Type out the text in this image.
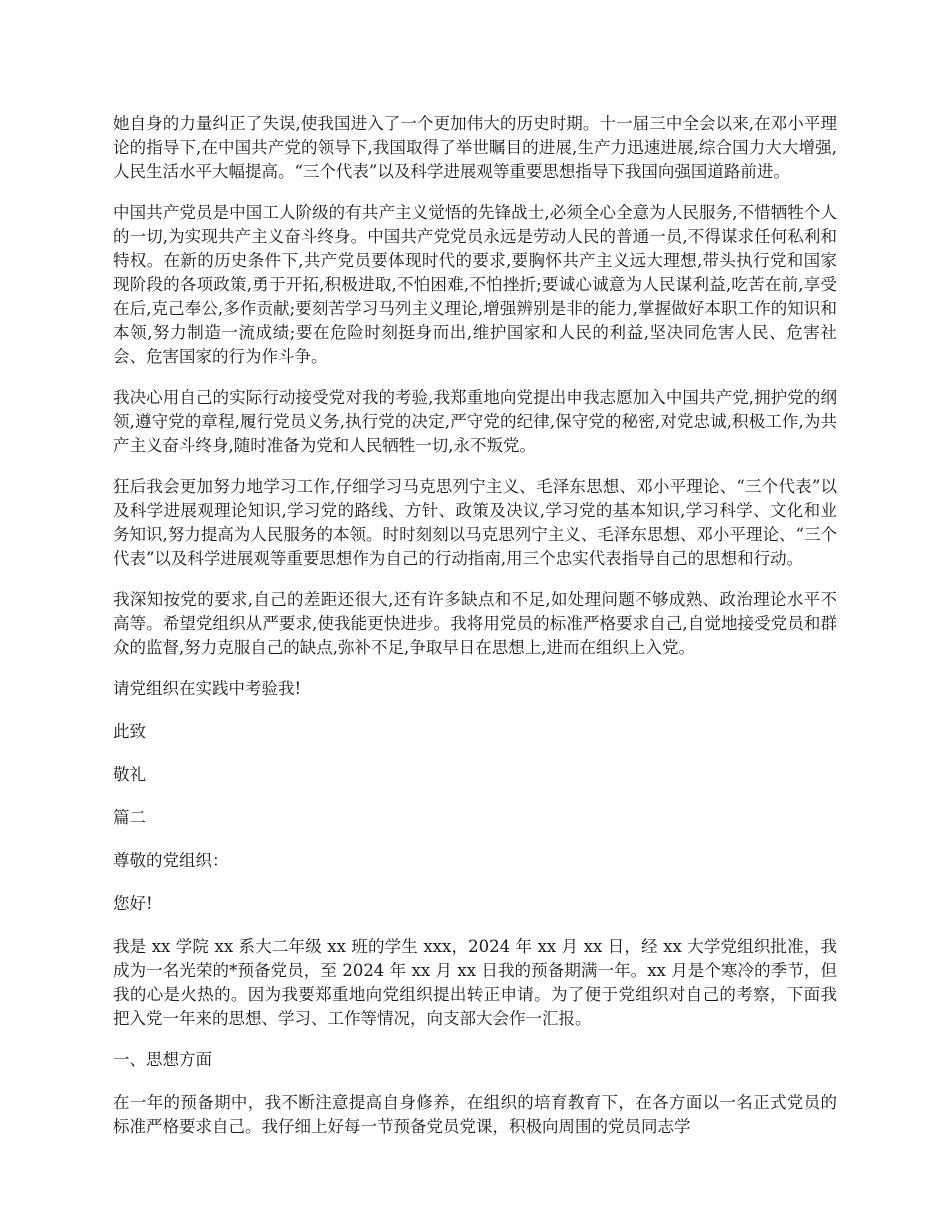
她自身的力量纠正了失误,使我国进入了一个更加伟大的历史时期。十一届三中全会以来,在邓小平理论的指导下,在中国共产党的领导下,我国取得了举世瞩目的进展,生产力迅速进展,综合国力大大增强,人民生活水平大幅提高。“三个代表”以及科学进展观等重要思想指导下我国向强国道路前进。

中国共产党员是中国工人阶级的有共产主义觉悟的先锋战士,必须全心全意为人民服务,不惜牺牲个人的一切,为实现共产主义奋斗终身。中国共产党党员永远是劳动人民的普通一员,不得谋求任何私利和特权。在新的历史条件下,共产党员要体现时代的要求,要胸怀共产主义远大理想,带头执行党和国家现阶段的各项政策,勇于开拓,积极进取,不怕困难,不怕挫折;要诚心诚意为人民谋利益,吃苦在前,享受在后,克己奉公,多作贡献;要刻苦学习马列主义理论,增强辨别是非的能力,掌握做好本职工作的知识和本领,努力制造一流成绩;要在危险时刻挺身而出,维护国家和人民的利益,坚决同危害人民、危害社会、危害国家的行为作斗争。

我决心用自己的实际行动接受党对我的考验,我郑重地向党提出申我志愿加入中国共产党,拥护党的纲领,遵守党的章程,履行党员义务,执行党的决定,严守党的纪律,保守党的秘密,对党忠诚,积极工作,为共产主义奋斗终身,随时准备为党和人民牺牲一切,永不叛党。

狂后我会更加努力地学习工作,仔细学习马克思列宁主义、毛泽东思想、邓小平理论、“三个代表”以及科学进展观理论知识,学习党的路线、方针、政策及决议,学习党的基本知识,学习科学、文化和业务知识,努力提高为人民服务的本领。时时刻刻以马克思列宁主义、毛泽东思想、邓小平理论、“三个代表”以及科学进展观等重要思想作为自己的行动指南,用三个忠实代表指导自己的思想和行动。

我深知按党的要求,自己的差距还很大,还有许多缺点和不足,如处理问题不够成熟、政治理论水平不高等。希望党组织从严要求,使我能更快进步。我将用党员的标准严格要求自己,自觉地接受党员和群众的监督,努力克服自己的缺点,弥补不足,争取早日在思想上,进而在组织上入党。

请党组织在实践中考验我!

此致

敬礼

篇二

尊敬的党组织：

您好!

我是 xx 学院 xx 系大二年级 xx 班的学生 xxx，2024 年 xx 月 xx 日，经 xx 大学党组织批准，我成为一名光荣的*预备党员，至 2024 年 xx 月 xx 日我的预备期满一年。xx 月是个寒冷的季节，但我的心是火热的。因为我要郑重地向党组织提出转正申请。为了便于党组织对自己的考察，下面我把入党一年来的思想、学习、工作等情况，向支部大会作一汇报。

一、思想方面

在一年的预备期中，我不断注意提高自身修养，在组织的培育教育下，在各方面以一名正式党员的标准严格要求自己。我仔细上好每一节预备党员党课，积极向周围的党员同志学
